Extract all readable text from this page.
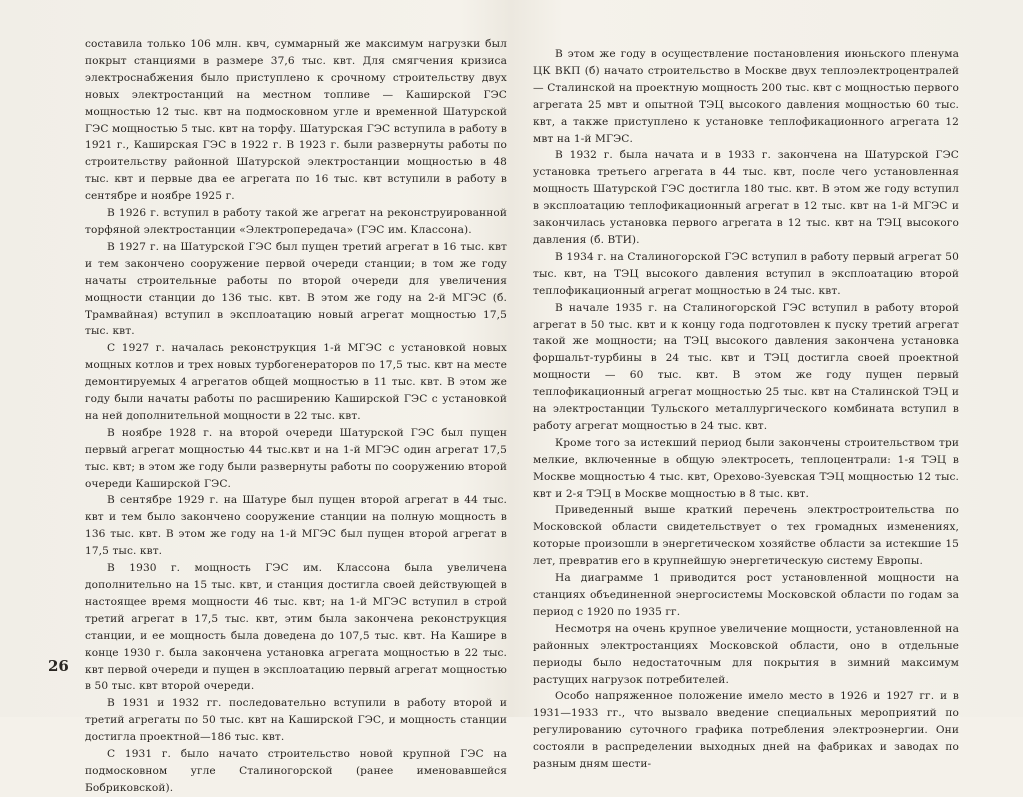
составила только 106 млн. квч, суммарный же максимум нагрузки был покрыт станциями в размере 37,6 тыс. квт. Для смягчения кризиса электроснабжения было приступлено к срочному строительству двух новых электростанций на местном топливе — Каширской ГЭС мощностью 12 тыс. квт на подмосковном угле и временной Шатурской ГЭС мощностью 5 тыс. квт на торфу. Шатурская ГЭС вступила в работу в 1921 г., Каширская ГЭС в 1922 г. В 1923 г. были развернуты работы по строительству районной Шатурской электростанции мощностью в 48 тыс. квт и первые два ее агрегата по 16 тыс. квт вступили в работу в сентябре и ноябре 1925 г.

В 1926 г. вступил в работу такой же агрегат на реконструированной торфяной электростанции «Электропередача» (ГЭС им. Классона).

В 1927 г. на Шатурской ГЭС был пущен третий агрегат в 16 тыс. квт и тем закончено сооружение первой очереди станции; в том же году начаты строительные работы по второй очереди для увеличения мощности станции до 136 тыс. квт. В этом же году на 2-й МГЭС (б. Трамвайная) вступил в эксплоатацию новый агрегат мощностью 17,5 тыс. квт.

С 1927 г. началась реконструкция 1-й МГЭС с установкой новых мощных котлов и трех новых турбогенераторов по 17,5 тыс. квт на месте демонтируемых 4 агрегатов общей мощностью в 11 тыс. квт. В этом же году были начаты работы по расширению Каширской ГЭС с установкой на ней дополнительной мощности в 22 тыс. квт.

В ноябре 1928 г. на второй очереди Шатурской ГЭС был пущен первый агрегат мощностью 44 тыс.квт и на 1-й МГЭС один агрегат 17,5 тыс. квт; в этом же году были развернуты работы по сооружению второй очереди Каширской ГЭС.

В сентябре 1929 г. на Шатуре был пущен второй агрегат в 44 тыс. квт и тем было закончено сооружение станции на полную мощность в 136 тыс. квт. В этом же году на 1-й МГЭС был пущен второй агрегат в 17,5 тыс. квт.

В 1930 г. мощность ГЭС им. Классона была увеличена дополнительно на 15 тыс. квт, и станция достигла своей действующей в настоящее время мощности 46 тыс. квт; на 1-й МГЭС вступил в строй третий агрегат в 17,5 тыс. квт, этим была закончена реконструкция станции, и ее мощность была доведена до 107,5 тыс. квт. На Кашире в конце 1930 г. была закончена установка агрегата мощностью в 22 тыс. квт первой очереди и пущен в эксплоатацию первый агрегат мощностью в 50 тыс. квт второй очереди.

В 1931 и 1932 гг. последовательно вступили в работу второй и третий агрегаты по 50 тыс. квт на Каширской ГЭС, и мощность станции достигла проектной—186 тыс. квт.

С 1931 г. было начато строительство новой крупной ГЭС на подмосковном угле Сталиногорской (ранее именовавшейся Бобриковской).

В этом же году в осуществление постановления июньского пленума ЦК ВКП (б) начато строительство в Москве двух теплоэлектроцентралей— Сталинской на проектную мощность 200 тыс. квт с мощностью первого агрегата 25 мвт и опытной ТЭЦ высокого давления мощностью 60 тыс. квт, а также приступлено к установке теплофикационного агрегата 12 мвт на 1-й МГЭС.

В 1932 г. была начата и в 1933 г. закончена на Шатурской ГЭС установка третьего агрегата в 44 тыс. квт, после чего установленная мощность Шатурской ГЭС достигла 180 тыс. квт. В этом же году вступил в эксплоатацию теплофикационный агрегат в 12 тыс. квт на 1-й МГЭС и закончилась установка первого агрегата в 12 тыс. квт на ТЭЦ высокого давления (б. ВТИ).

В 1934 г. на Сталиногорской ГЭС вступил в работу первый агрегат 50 тыс. квт, на ТЭЦ высокого давления вступил в эксплоатацию второй теплофикационный агрегат мощностью в 24 тыс. квт.

В начале 1935 г. на Сталиногорской ГЭС вступил в работу второй агрегат в 50 тыс. квт и к концу года подготовлен к пуску третий агрегат такой же мощности; на ТЭЦ высокого давления закончена установка форшальт-турбины в 24 тыс. квт и ТЭЦ достигла своей проектной мощности — 60 тыс. квт. В этом же году пущен первый теплофикационный агрегат мощностью 25 тыс. квт на Сталинской ТЭЦ и на электростанции Тульского металлургического комбината вступил в работу агрегат мощностью в 24 тыс. квт.

Кроме того за истекший период были закончены строительством три мелкие, включенные в общую электросеть, теплоцентрали: 1-я ТЭЦ в Москве мощностью 4 тыс. квт, Орехово-Зуевская ТЭЦ мощностью 12 тыс. квт и 2-я ТЭЦ в Москве мощностью в 8 тыс. квт.

Приведенный выше краткий перечень электростроительства по Московской области свидетельствует о тех громадных изменениях, которые произошли в энергетическом хозяйстве области за истекшие 15 лет, превратив его в крупнейшую энергетическую систему Европы.

На диаграмме 1 приводится рост установленной мощности на станциях объединенной энергосистемы Московской области по годам за период с 1920 по 1935 гг.

Несмотря на очень крупное увеличение мощности, установленной на районных электростанциях Московской области, оно в отдельные периоды было недостаточным для покрытия в зимний максимум растущих нагрузок потребителей.

Особо напряженное положение имело место в 1926 и 1927 гг. и в 1931—1933 гг., что вызвало введение специальных мероприятий по регулированию суточного графика потребления электроэнергии. Они состояли в распределении выходных дней на фабриках и заводах по разным дням шести-

26
